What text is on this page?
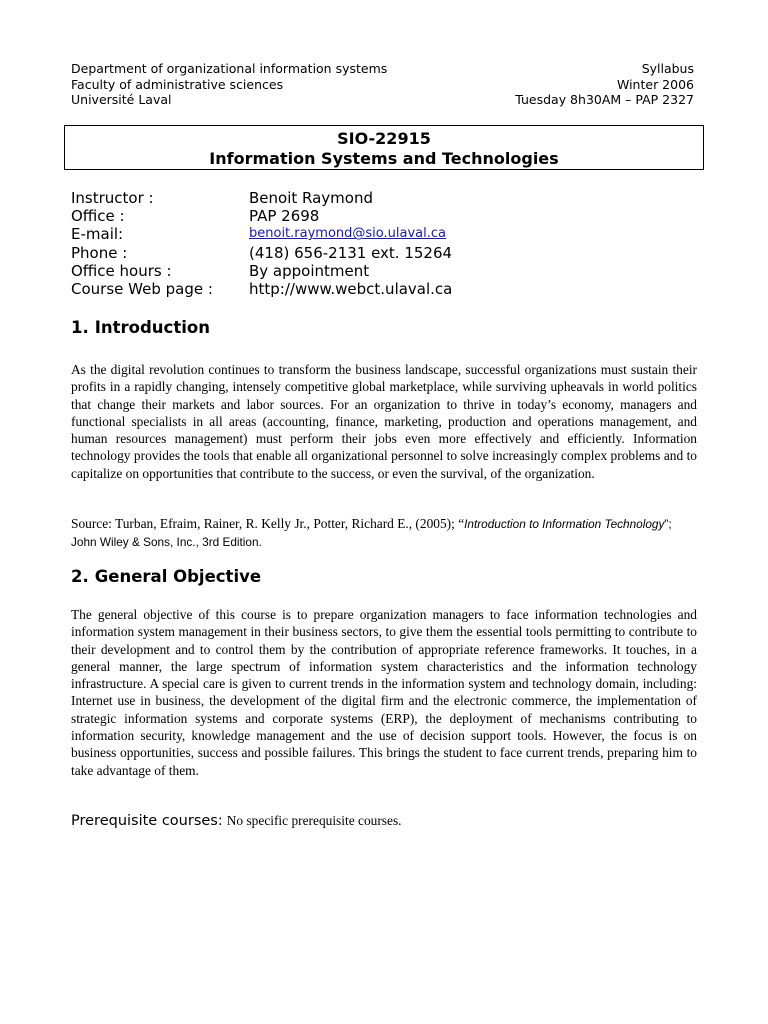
Department of organizational information systems
Faculty of administrative sciences
Université Laval
Syllabus
Winter 2006
Tuesday 8h30AM – PAP 2327
SIO-22915
Information Systems and Technologies
Instructor :	Benoit Raymond
Office :	PAP 2698
E-mail:	benoit.raymond@sio.ulaval.ca
Phone :	(418) 656-2131 ext. 15264
Office hours :	By appointment
Course Web page :	http://www.webct.ulaval.ca
1. Introduction
As the digital revolution continues to transform the business landscape, successful organizations must sustain their profits in a rapidly changing, intensely competitive global marketplace, while surviving upheavals in world politics that change their markets and labor sources. For an organization to thrive in today’s economy, managers and functional specialists in all areas (accounting, finance, marketing, production and operations management, and human resources management) must perform their jobs even more effectively and efficiently. Information technology provides the tools that enable all organizational personnel to solve increasingly complex problems and to capitalize on opportunities that contribute to the success, or even the survival, of the organization.
Source: Turban, Efraim, Rainer, R. Kelly Jr., Potter, Richard E., (2005); “Introduction to Information Technology”; John Wiley & Sons, Inc., 3rd Edition.
2. General Objective
The general objective of this course is to prepare organization managers to face information technologies and information system management in their business sectors, to give them the essential tools permitting to contribute to their development and to control them by the contribution of appropriate reference frameworks. It touches, in a general manner, the large spectrum of information system characteristics and the information technology infrastructure. A special care is given to current trends in the information system and technology domain, including: Internet use in business, the development of the digital firm and the electronic commerce, the implementation of strategic information systems and corporate systems (ERP), the deployment of mechanisms contributing to information security, knowledge management and the use of decision support tools. However, the focus is on business opportunities, success and possible failures. This brings the student to face current trends, preparing him to take advantage of them.
Prerequisite courses: No specific prerequisite courses.
